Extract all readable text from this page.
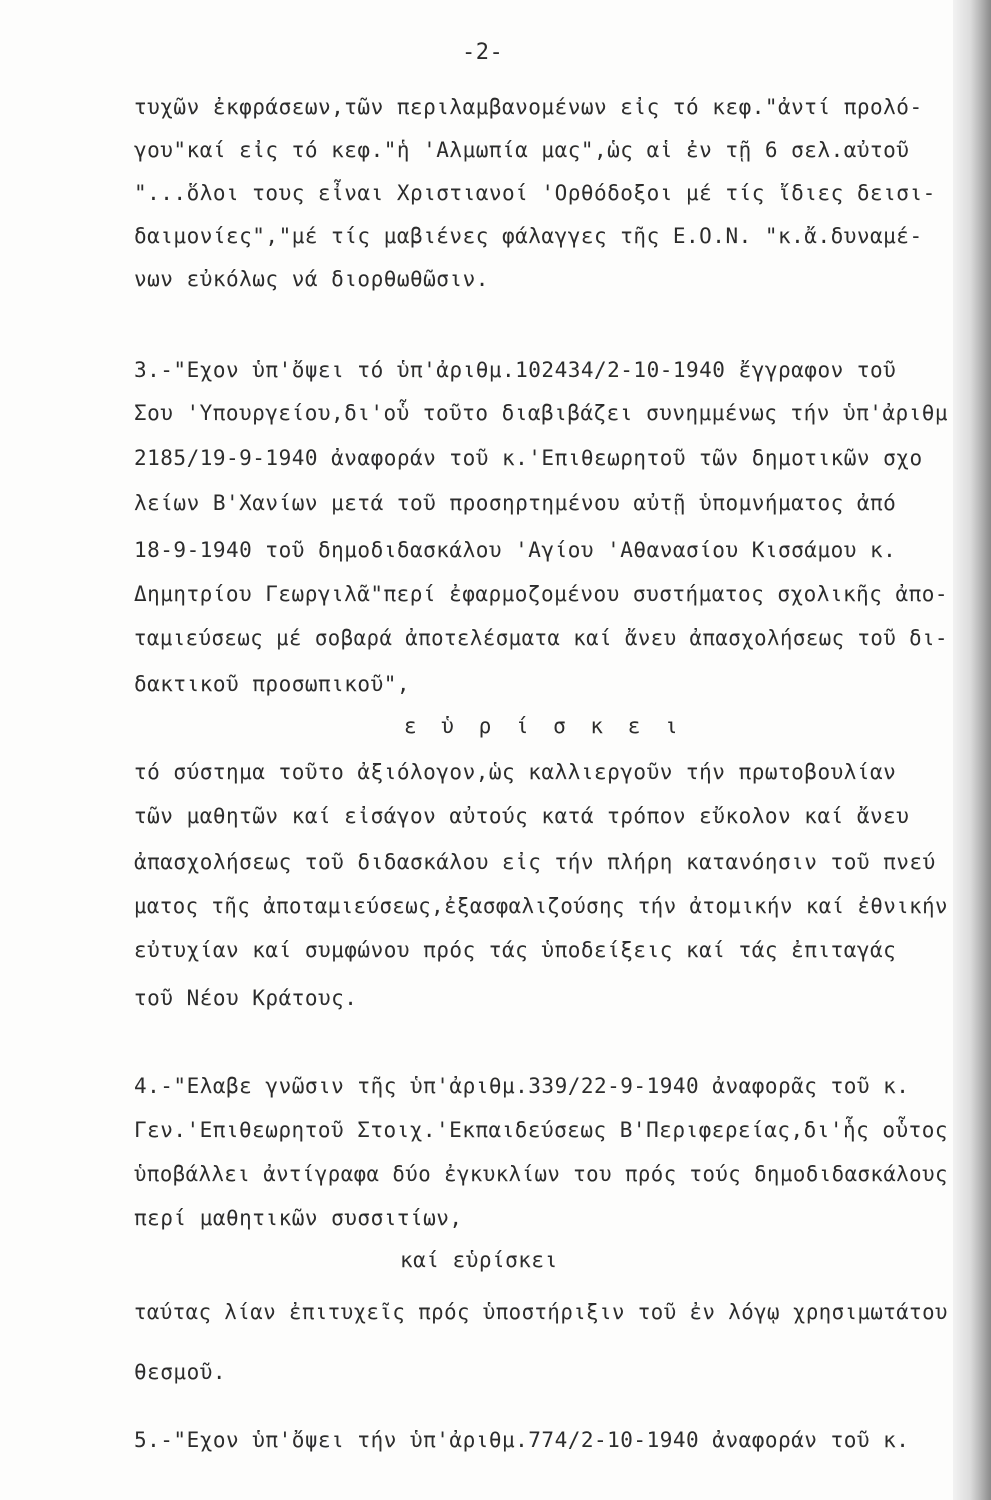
-2-
τυχῶν ἐκφράσεων,τῶν περιλαμβανομένων εἰς τό κεφ."ἀντί προλό-
γου"καί εἰς τό κεφ."ἡ 'Αλμωπία μας",ὡς αἱ ἐν τῇ 6 σελ.αὐτοῦ
"...ὅλοι τους εἶναι Χριστιανοί 'Ορθόδοξοι μέ τίς ἴδιες δεισι-
δαιμονίες","μέ τίς μαβιένες φάλαγγες τῆς Ε.Ο.Ν. "κ.ἄ.δυναμέ-
νων εὐκόλως νά διορθωθῶσιν.
3.-"Εχον ὑπ'ὄψει τό ὑπ'ἀριθμ.102434/2-10-1940 ἔγγραφον τοῦ
Σου 'Υπουργείου,δι'οὗ τοῦτο διαβιβάζει συνημμένως τήν ὑπ'ἀριθμ
2185/19-9-1940 ἀναφοράν τοῦ κ.'Επιθεωρητοῦ τῶν δημοτικῶν σχο
λείων Β'Χανίων μετά τοῦ προσηρτημένου αὐτῇ ὑπομνήματος ἀπό
18-9-1940 τοῦ δημοδιδασκάλου 'Αγίου 'Αθανασίου Κισσάμου κ.
Δημητρίου Γεωργιλᾶ"περί ἐφαρμοζομένου συστήματος σχολικῆς ἀπο-
ταμιεύσεως μέ σοβαρά ἀποτελέσματα καί ἄνευ ἀπασχολήσεως τοῦ δι-
δακτικοῦ προσωπικοῦ",
ε ὑ ρ ί σ κ ε ι
τό σύστημα τοῦτο ἀξιόλογον,ὡς καλλιεργοῦν τήν πρωτοβουλίαν
τῶν μαθητῶν καί εἰσάγον αὐτούς κατά τρόπον εὔκολον καί ἄνευ
ἀπασχολήσεως τοῦ διδασκάλου εἰς τήν πλήρη κατανόησιν τοῦ πνεύ
ματος τῆς ἀποταμιεύσεως,ἐξασφαλιζούσης τήν ἀτομικήν καί ἐθνικήν
εὐτυχίαν καί συμφώνου πρός τάς ὑποδείξεις καί τάς ἐπιταγάς
τοῦ Νέου Κράτους.
4.-"Ελαβε γνῶσιν τῆς ὑπ'ἀριθμ.339/22-9-1940 ἀναφορᾶς τοῦ κ.
Γεν.'Επιθεωρητοῦ Στοιχ.'Εκπαιδεύσεως Β'Περιφερείας,δι'ἧς οὗτος
ὑποβάλλει ἀντίγραφα δύο ἐγκυκλίων του πρός τούς δημοδιδασκάλους
περί μαθητικῶν συσσιτίων,
καί εὑρίσκει
ταύτας λίαν ἐπιτυχεῖς πρός ὑποστήριξιν τοῦ ἐν λόγῳ χρησιμωτάτου
θεσμοῦ.
5.-"Εχον ὑπ'ὄψει τήν ὑπ'ἀριθμ.774/2-10-1940 ἀναφοράν τοῦ κ.
